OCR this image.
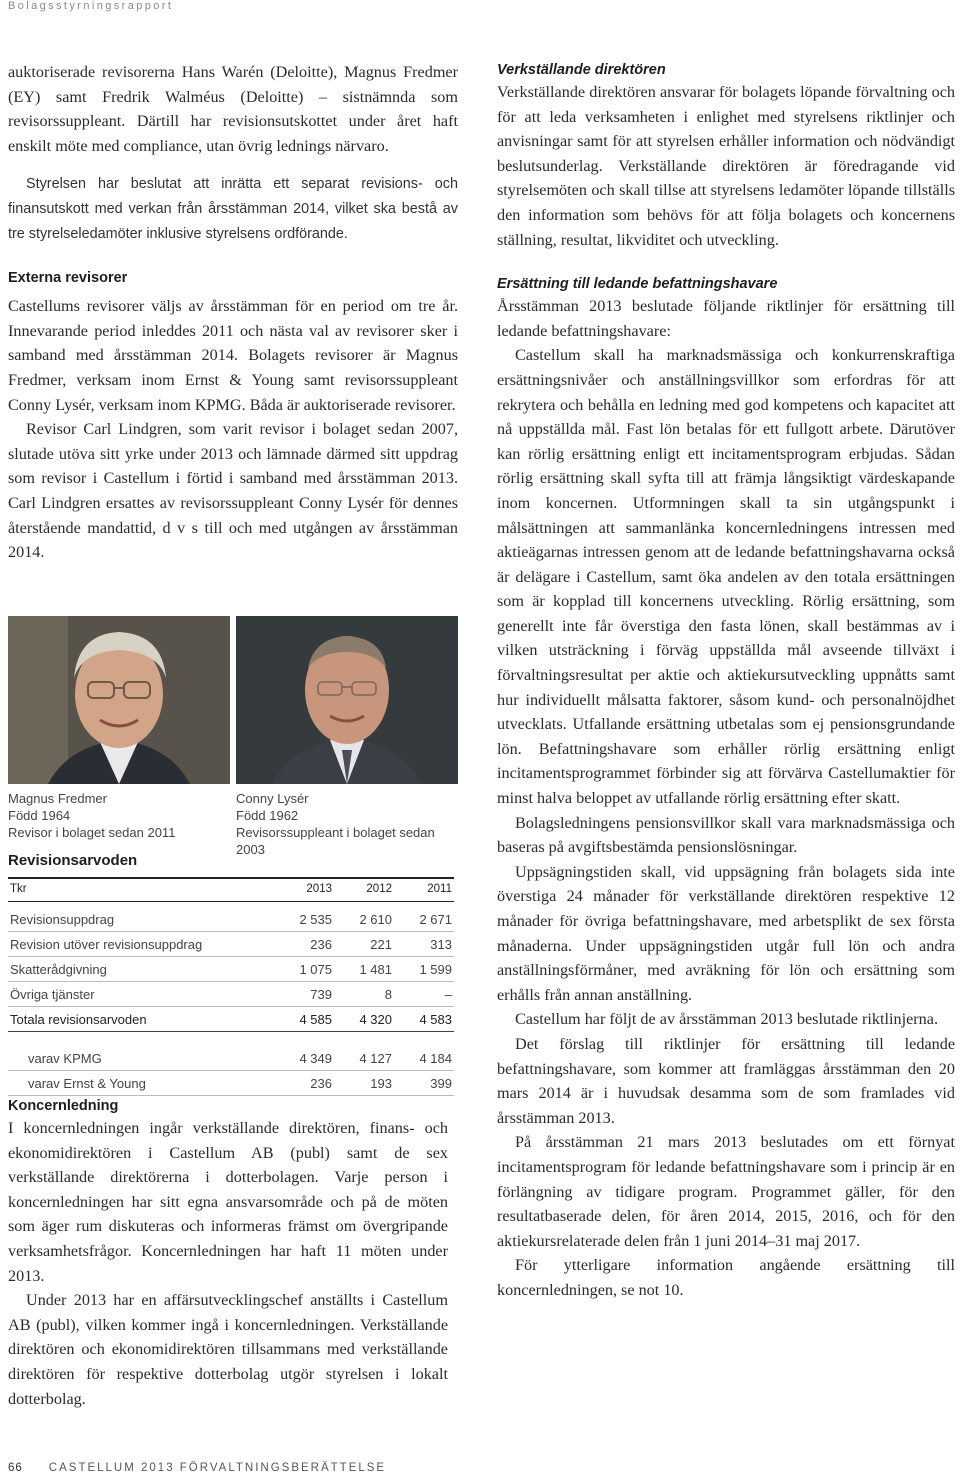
Bolagsstyrningsrapport

auktoriserade revisorerna Hans Warén (Deloitte), Magnus Fredmer (EY) samt Fredrik Walméus (Deloitte) – sistnämnda som revisorssuppleant. Därtill har revisionsutskottet under året haft enskilt möte med compliance, utan övrig lednings närvaro.

Styrelsen har beslutat att inrätta ett separat revisions- och finansutskott med verkan från årsstämman 2014, vilket ska bestå av tre styrelseledamöter inklusive styrelsens ordförande.

Externa revisorer

Castellums revisorer väljs av årsstämman för en period om tre år. Innevarande period inleddes 2011 och nästa val av revisorer sker i samband med årsstämman 2014. Bolagets revisorer är Magnus Fredmer, verksam inom Ernst & Young samt revisorssuppleant Conny Lysér, verksam inom KPMG. Båda är auktoriserade revisorer.

Revisor Carl Lindgren, som varit revisor i bolaget sedan 2007, slutade utöva sitt yrke under 2013 och lämnade därmed sitt uppdrag som revisor i Castellum i förtid i samband med årsstämman 2013. Carl Lindgren ersattes av revisorssuppleant Conny Lysér för dennes återstående mandattid, d v s till och med utgången av årsstämman 2014.

Magnus Fredmer
Född 1964
Revisor i bolaget sedan 2011
Conny Lysér
Född 1962
Revisorssuppleant i bolaget sedan 2003
Revisionsarvoden
Tkr	2013	2012	2011
Revisionsuppdrag	2 535	2 610	2 671
Revision utöver revisionsuppdrag	236	221	313
Skatterådgivning	1 075	1 481	1 599
Övriga tjänster	739	8	–
Totala revisionsarvoden	4 585	4 320	4 583

varav KPMG	4 349	4 127	4 184
varav Ernst & Young	236	193	399
Koncernledning

I koncernledningen ingår verkställande direktören, finans- och ekonomidirektören i Castellum AB (publ) samt de sex verkställande direktörerna i dotterbolagen. Varje person i koncernledningen har sitt egna ansvarsområde och på de möten som äger rum diskuteras och informeras främst om övergripande verksamhetsfrågor. Koncernledningen har haft 11 möten under 2013.

Under 2013 har en affärsutvecklingschef anställts i Castellum AB (publ), vilken kommer ingå i koncernledningen. Verkställande direktören och ekonomidirektören tillsammans med verkställande direktören för respektive dotterbolag utgör styrelsen i lokalt dotterbolag.

Verkställande direktören

Verkställande direktören ansvarar för bolagets löpande förvaltning och för att leda verksamheten i enlighet med styrelsens riktlinjer och anvisningar samt för att styrelsen erhåller information och nödvändigt beslutsunderlag. Verkställande direktören är föredragande vid styrelsemöten och skall tillse att styrelsens ledamöter löpande tillställs den information som behövs för att följa bolagets och koncernens ställning, resultat, likviditet och utveckling.

Ersättning till ledande befattningshavare

Årsstämman 2013 beslutade följande riktlinjer för ersättning till ledande befattningshavare:

Castellum skall ha marknadsmässiga och konkurrenskraftiga ersättningsnivåer och anställningsvillkor som erfordras för att rekrytera och behålla en ledning med god kompetens och kapacitet att nå uppställda mål. Fast lön betalas för ett fullgott arbete. Därutöver kan rörlig ersättning enligt ett incitamentsprogram erbjudas. Sådan rörlig ersättning skall syfta till att främja långsiktigt värdeskapande inom koncernen. Utformningen skall ta sin utgångspunkt i målsättningen att sammanlänka koncernledningens intressen med aktieägarnas intressen genom att de ledande befattningshavarna också är delägare i Castellum, samt öka andelen av den totala ersättningen som är kopplad till koncernens utveckling. Rörlig ersättning, som generellt inte får överstiga den fasta lönen, skall bestämmas av i vilken utsträckning i förväg uppställda mål avseende tillväxt i förvaltningsresultat per aktie och aktiekursutveckling uppnåtts samt hur individuellt målsatta faktorer, såsom kund- och personalnöjdhet utvecklats. Utfallande ersättning utbetalas som ej pensionsgrundande lön. Befattningshavare som erhåller rörlig ersättning enligt incitamentsprogrammet förbinder sig att förvärva Castellumaktier för minst halva beloppet av utfallande rörlig ersättning efter skatt.

Bolagsledningens pensionsvillkor skall vara marknadsmässiga och baseras på avgiftsbestämda pensionslösningar.

Uppsägningstiden skall, vid uppsägning från bolagets sida inte överstiga 24 månader för verkställande direktören respektive 12 månader för övriga befattningshavare, med arbetsplikt de sex första månaderna. Under uppsägningstiden utgår full lön och andra anställningsförmåner, med avräkning för lön och ersättning som erhålls från annan anställning.

Castellum har följt de av årsstämman 2013 beslutade riktlinjerna.

Det förslag till riktlinjer för ersättning till ledande befattningshavare, som kommer att framläggas årsstämman den 20 mars 2014 är i huvudsak desamma som de som framlades vid årsstämman 2013.

På årsstämman 21 mars 2013 beslutades om ett förnyat incitamentsprogram för ledande befattningshavare som i princip är en förlängning av tidigare program. Programmet gäller, för den resultatbaserade delen, för åren 2014, 2015, 2016, och för den aktiekursrelaterade delen från 1 juni 2014–31 maj 2017.

För ytterligare information angående ersättning till koncernledningen, se not 10.

66 CASTELLUM 2013 FÖRVALTNINGSBERÄTTELSE
